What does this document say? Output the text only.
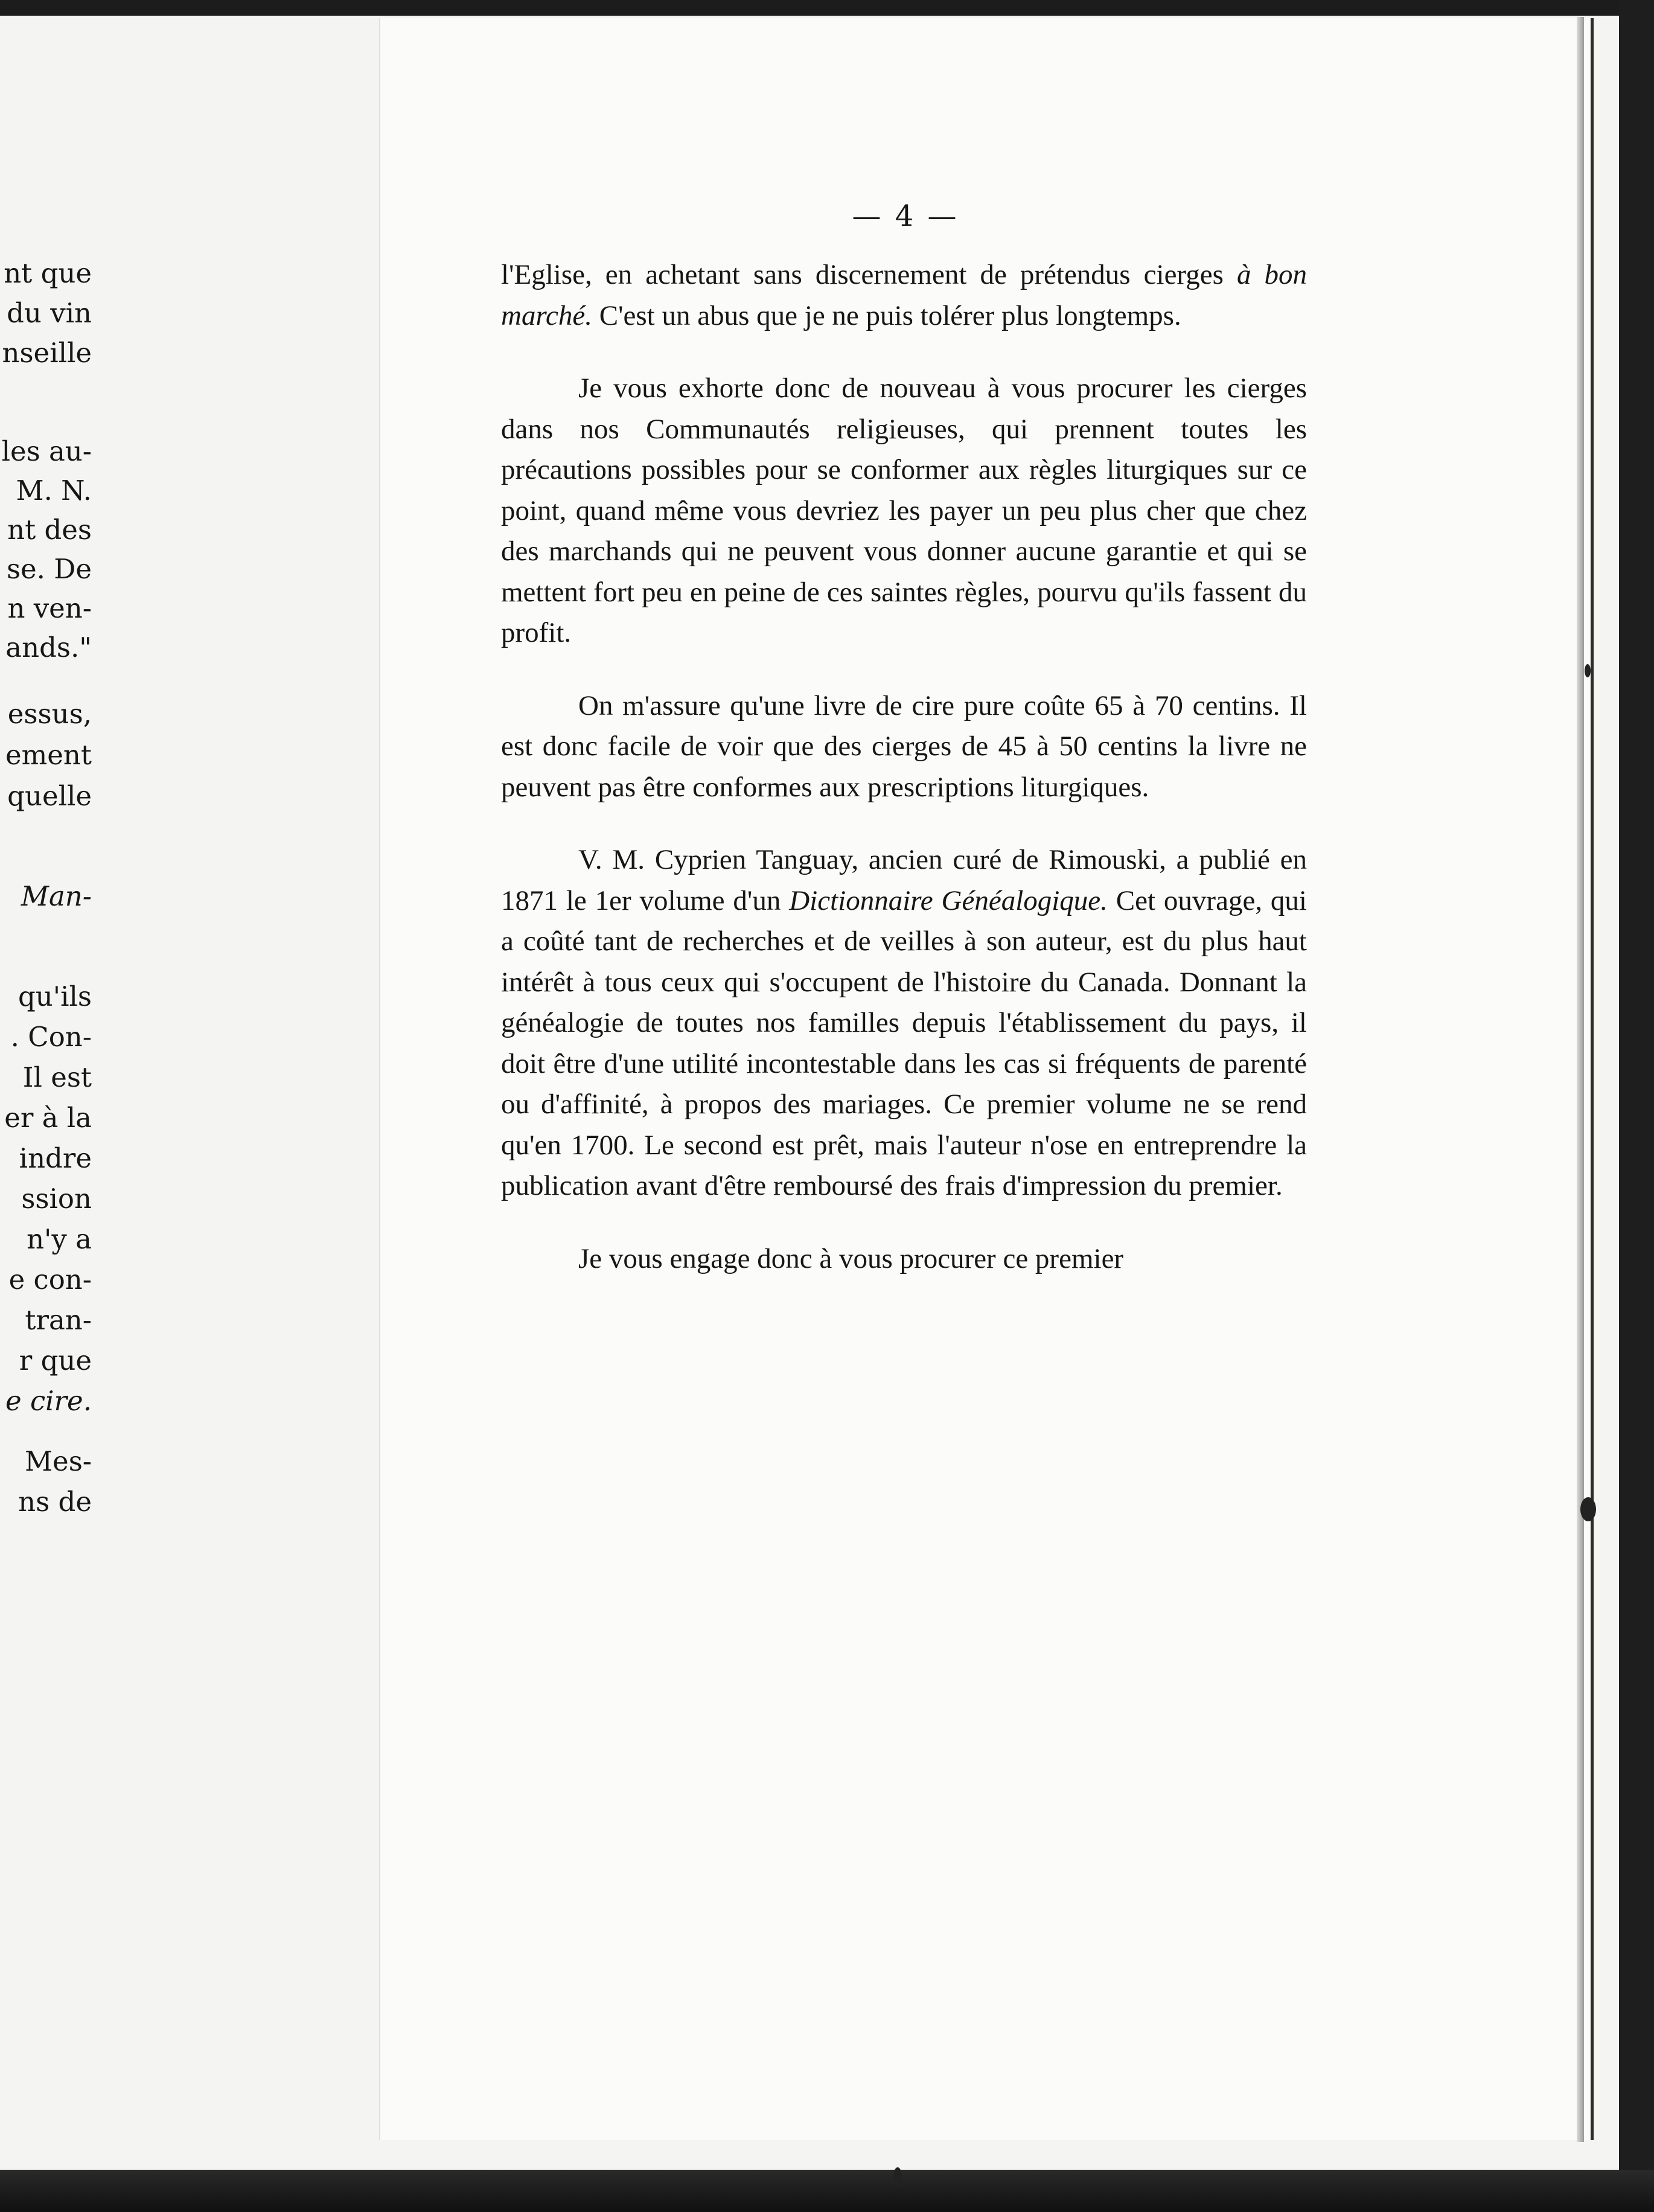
nt que
du vin
nseille
les au-
M. N.
nt des
se. De
n ven-
ands."
essus,
ement
quelle
Man-
qu'ils
. Con-
Il est
er à la
indre
ssion
n'y a
e con-
tran-
r que
e cire.
Mes-
ns de
— 4 —

l'Eglise, en achetant sans discernement de prétendus cierges à bon marché. C'est un abus que je ne puis tolérer plus longtemps.

Je vous exhorte donc de nouveau à vous procurer les cierges dans nos Communautés religieuses, qui prennent toutes les précautions possibles pour se conformer aux règles liturgiques sur ce point, quand même vous devriez les payer un peu plus cher que chez des marchands qui ne peuvent vous donner aucune garantie et qui se mettent fort peu en peine de ces saintes règles, pourvu qu'ils fassent du profit.

On m'assure qu'une livre de cire pure coûte 65 à 70 centins. Il est donc facile de voir que des cierges de 45 à 50 centins la livre ne peuvent pas être conformes aux prescriptions liturgiques.

V. M. Cyprien Tanguay, ancien curé de Rimouski, a publié en 1871 le 1er volume d'un Dictionnaire Généalogique. Cet ouvrage, qui a coûté tant de recherches et de veilles à son auteur, est du plus haut intérêt à tous ceux qui s'occupent de l'histoire du Canada. Donnant la généalogie de toutes nos familles depuis l'établissement du pays, il doit être d'une utilité incontestable dans les cas si fréquents de parenté ou d'affinité, à propos des mariages. Ce premier volume ne se rend qu'en 1700. Le second est prêt, mais l'auteur n'ose en entreprendre la publication avant d'être remboursé des frais d'impression du premier.

Je vous engage donc à vous procurer ce premier
